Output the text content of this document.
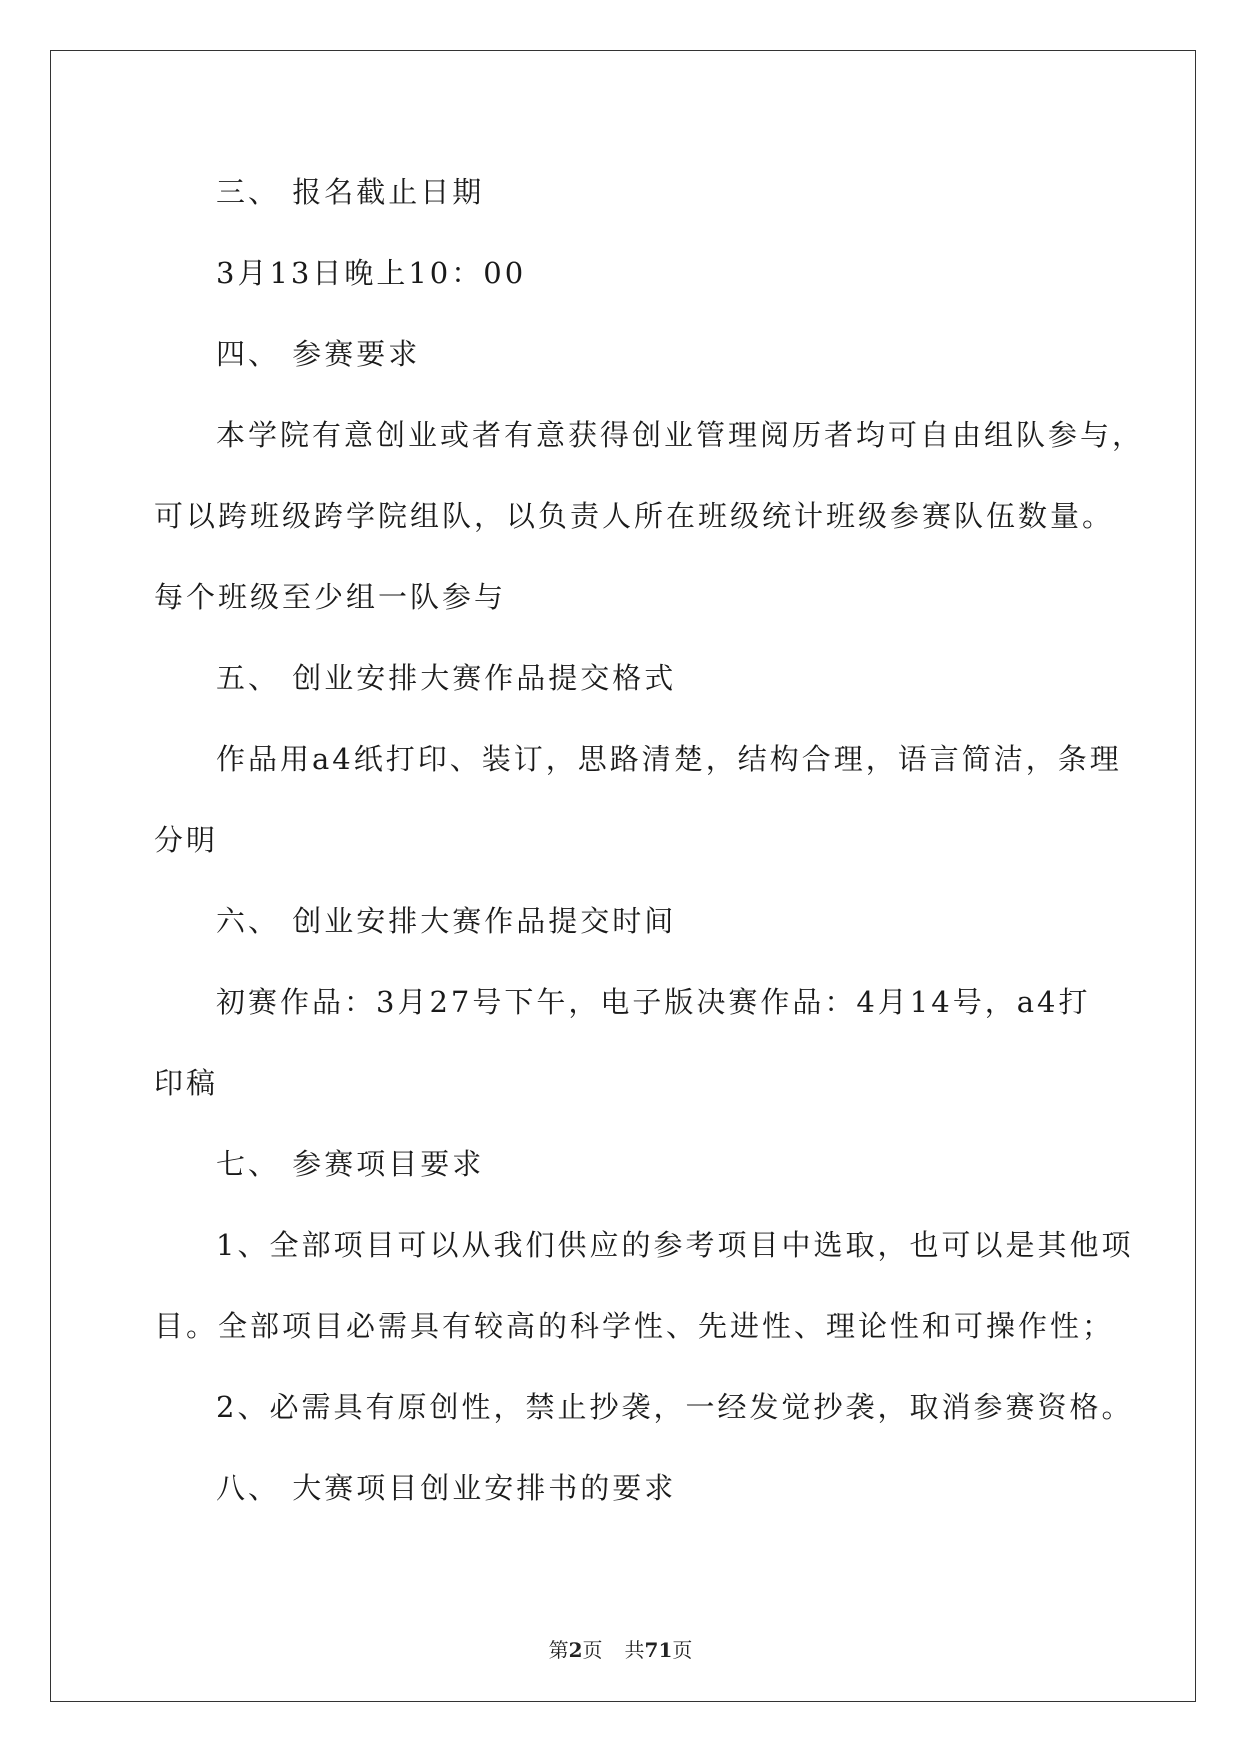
三、 报名截止日期
3月13日晚上10：00
四、 参赛要求
本学院有意创业或者有意获得创业管理阅历者均可自由组队参与，
可以跨班级跨学院组队，以负责人所在班级统计班级参赛队伍数量。
每个班级至少组一队参与
五、 创业安排大赛作品提交格式
作品用a4纸打印、装订，思路清楚，结构合理，语言简洁，条理
分明
六、 创业安排大赛作品提交时间
初赛作品：3月27号下午，电子版决赛作品：4月14号，a4打
印稿
七、 参赛项目要求
1、全部项目可以从我们供应的参考项目中选取，也可以是其他项
目。全部项目必需具有较高的科学性、先进性、理论性和可操作性；
2、必需具有原创性，禁止抄袭，一经发觉抄袭，取消参赛资格。
八、 大赛项目创业安排书的要求
第2页 共71页
